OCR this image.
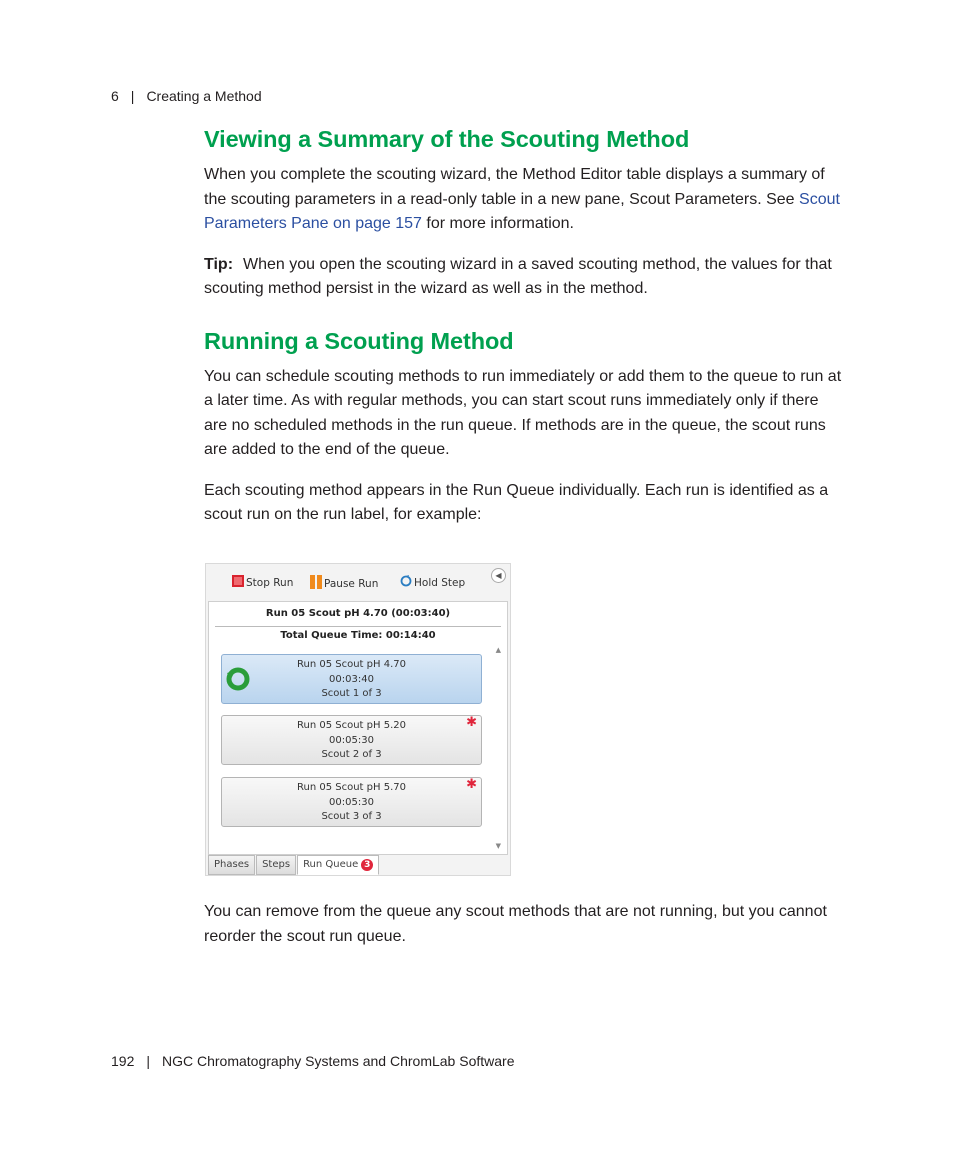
6 | Creating a Method
Viewing a Summary of the Scouting Method

When you complete the scouting wizard, the Method Editor table displays a summary of the scouting parameters in a read-only table in a new pane, Scout Parameters. See Scout Parameters Pane on page 157 for more information.

Tip: When you open the scouting wizard in a saved scouting method, the values for that scouting method persist in the wizard as well as in the method.

Running a Scouting Method

You can schedule scouting methods to run immediately or add them to the queue to run at a later time. As with regular methods, you can start scout runs immediately only if there are no scheduled methods in the run queue. If methods are in the queue, the scout runs are added to the end of the queue.

Each scouting method appears in the Run Queue individually. Each run is identified as a scout run on the run label, for example:

Stop Run	Pause Run	Hold Step
◀
Run 05 Scout pH 4.70 (00:03:40)
Total Queue Time: 00:14:40
▲
Run 05 Scout pH 4.70
00:03:40
Scout 1 of 3
✱
Run 05 Scout pH 5.20
00:05:30
Scout 2 of 3
✱
Run 05 Scout pH 5.70
00:05:30
Scout 3 of 3
▼
Phases	Steps	Run Queue 3

You can remove from the queue any scout methods that are not running, but you cannot reorder the scout run queue.

192 | NGC Chromatography Systems and ChromLab Software
